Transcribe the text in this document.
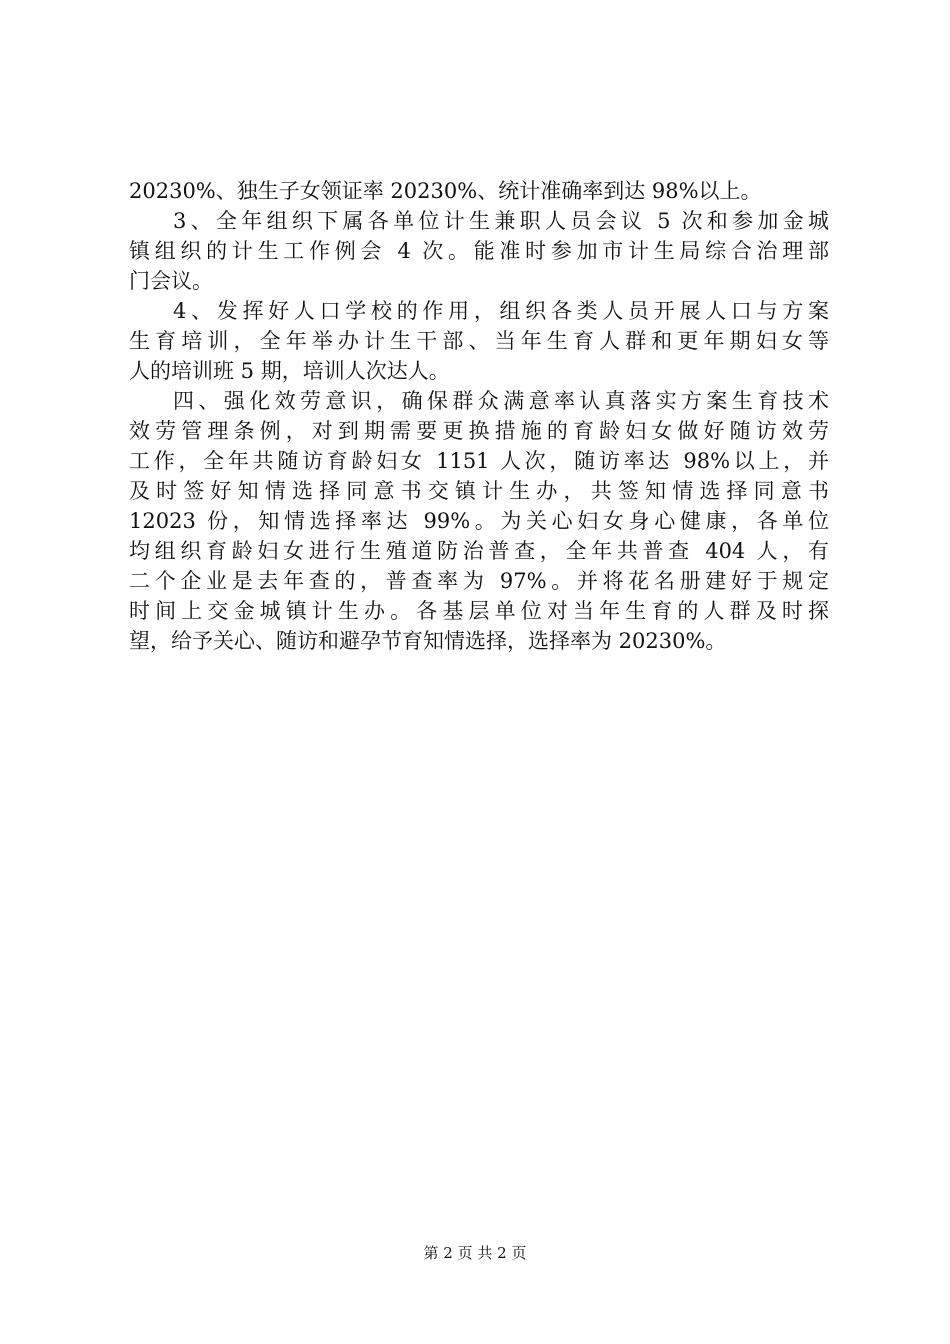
20230%、独生子女领证率 20230%、统计准确率到达 98%以上。
3、全年组织下属各单位计生兼职人员会议 5 次和参加金城
镇组织的计生工作例会 4 次。能准时参加市计生局综合治理部
门会议。
4、发挥好人口学校的作用，组织各类人员开展人口与方案
生育培训，全年举办计生干部、当年生育人群和更年期妇女等
人的培训班 5 期，培训人次达人。
四、强化效劳意识，确保群众满意率认真落实方案生育技术
效劳管理条例，对到期需要更换措施的育龄妇女做好随访效劳
工作，全年共随访育龄妇女 1151 人次，随访率达 98%以上，并
及时签好知情选择同意书交镇计生办，共签知情选择同意书
12023 份，知情选择率达 99%。为关心妇女身心健康，各单位
均组织育龄妇女进行生殖道防治普查，全年共普查 404 人，有
二个企业是去年查的，普查率为 97%。并将花名册建好于规定
时间上交金城镇计生办。各基层单位对当年生育的人群及时探
望，给予关心、随访和避孕节育知情选择，选择率为 20230%。
第 2 页 共 2 页
